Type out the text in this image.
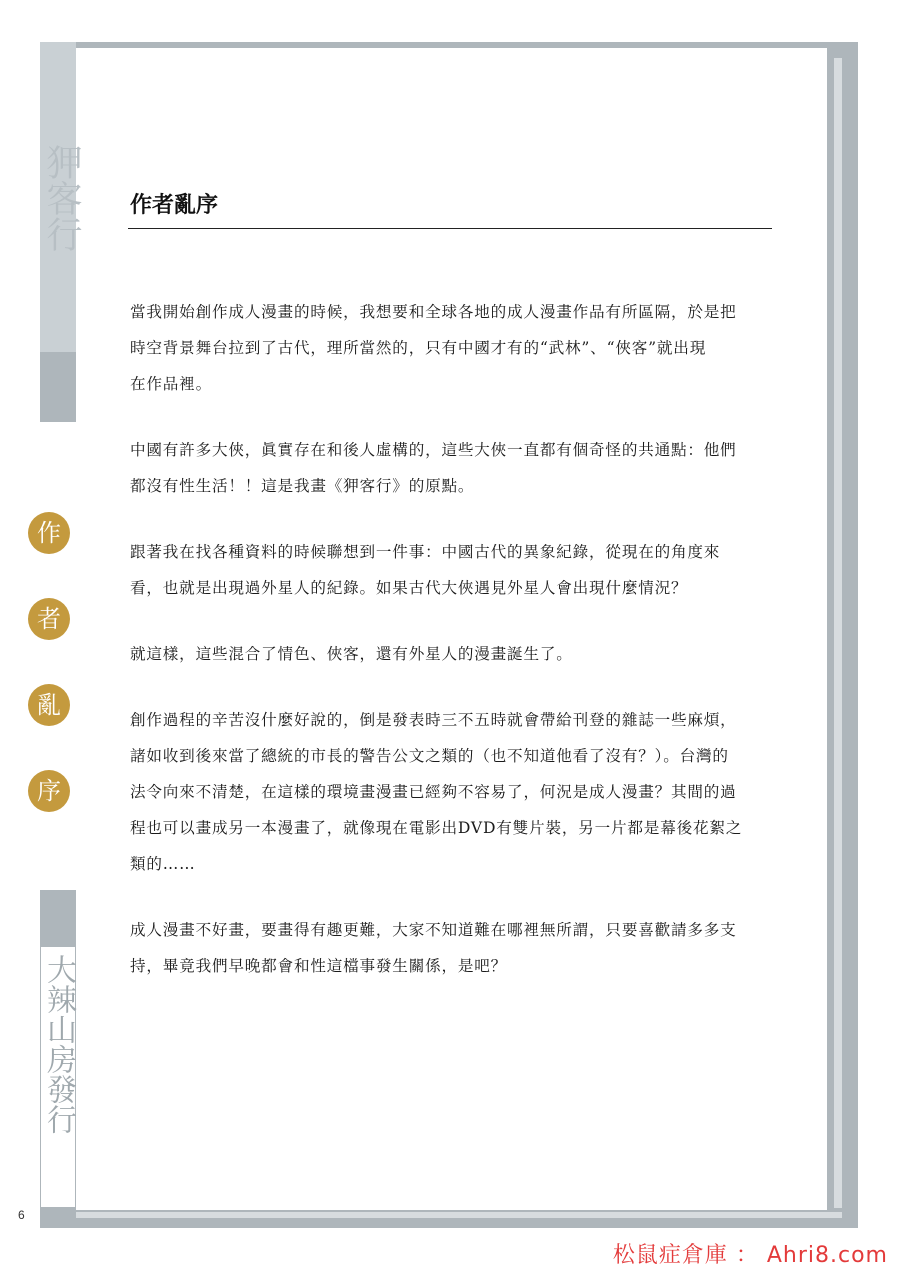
狎客行
作
者
亂
序
大辣山房發行
作者亂序

當我開始創作成人漫畫的時候，我想要和全球各地的成人漫畫作品有所區隔，於是把
時空背景舞台拉到了古代，理所當然的，只有中國才有的“武林”、“俠客”就出現
在作品裡。

中國有許多大俠，眞實存在和後人虛構的，這些大俠一直都有個奇怪的共通點：他們
都沒有性生活！！這是我畫《狎客行》的原點。

跟著我在找各種資料的時候聯想到一件事：中國古代的異象紀錄，從現在的角度來
看，也就是出現過外星人的紀錄。如果古代大俠遇見外星人會出現什麼情況？

就這樣，這些混合了情色、俠客，還有外星人的漫畫誕生了。

創作過程的辛苦沒什麼好說的，倒是發表時三不五時就會帶給刊登的雜誌一些麻煩，
諸如收到後來當了總統的市長的警告公文之類的（也不知道他看了沒有？）。台灣的
法令向來不清楚，在這樣的環境畫漫畫已經夠不容易了，何況是成人漫畫？其間的過
程也可以畫成另一本漫畫了，就像現在電影出DVD有雙片裝，另一片都是幕後花絮之
類的……

成人漫畫不好畫，要畫得有趣更難，大家不知道難在哪裡無所謂，只要喜歡請多多支
持，畢竟我們早晚都會和性這檔事發生關係，是吧？

6
松鼠症倉庫 ： Ahri8.com
